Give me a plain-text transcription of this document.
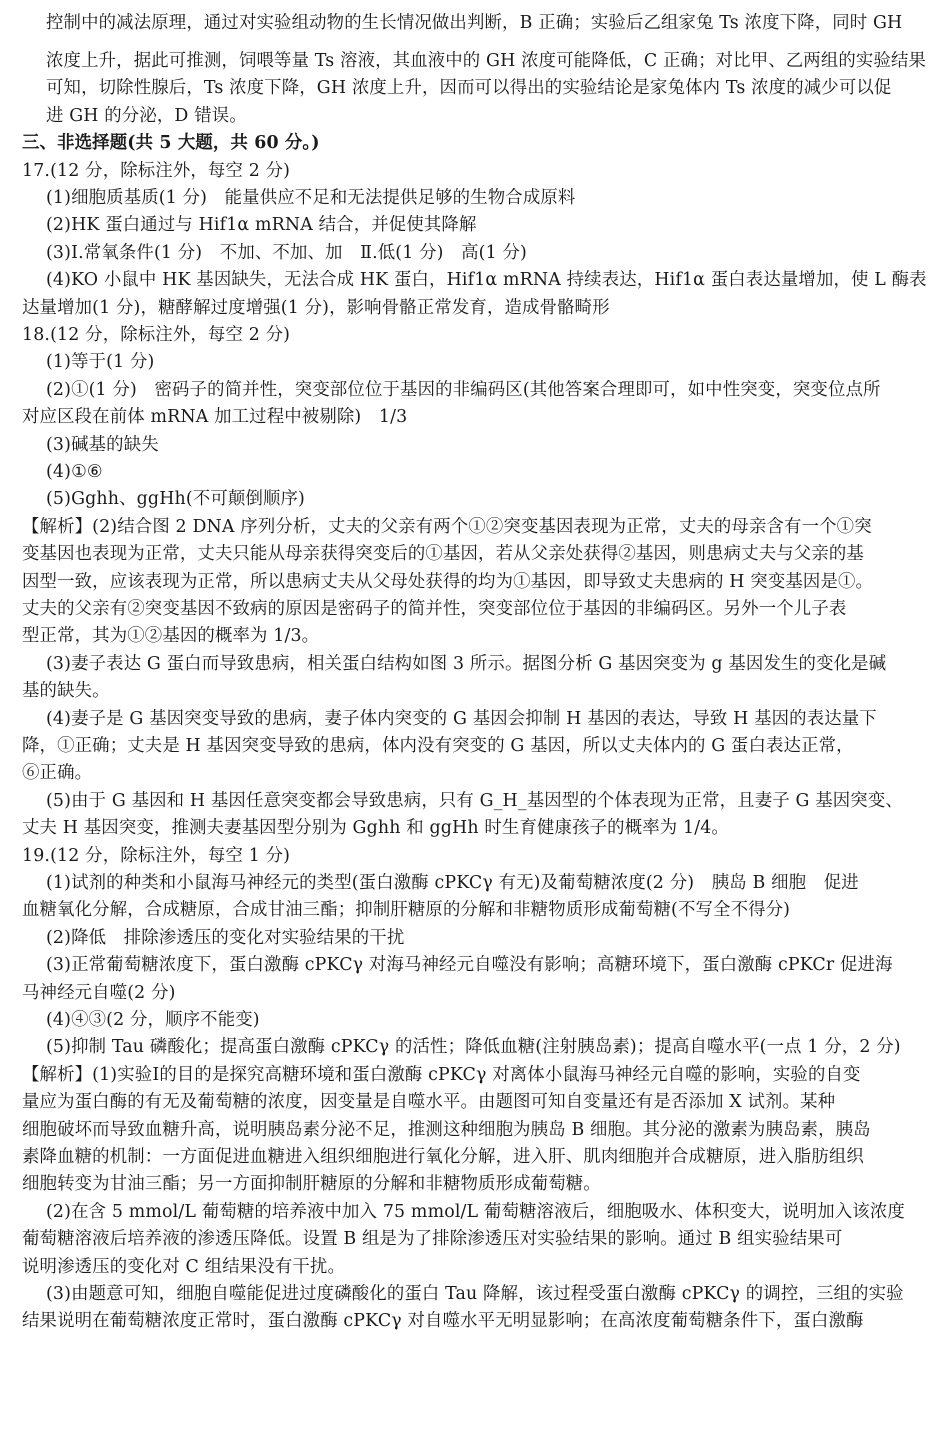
控制中的减法原理，通过对实验组动物的生长情况做出判断，B 正确；实验后乙组家兔 Ts 浓度下降，同时 GH
浓度上升，据此可推测，饲喂等量 Ts 溶液，其血液中的 GH 浓度可能降低，C 正确；对比甲、乙两组的实验结果
可知，切除性腺后，Ts 浓度下降，GH 浓度上升，因而可以得出的实验结论是家兔体内 Ts 浓度的减少可以促
进 GH 的分泌，D 错误。
三、非选择题(共 5 大题，共 60 分。)
17.(12 分，除标注外，每空 2 分)
(1)细胞质基质(1 分)　能量供应不足和无法提供足够的生物合成原料
(2)HK 蛋白通过与 Hif1α mRNA 结合，并促使其降解
(3)Ⅰ.常氧条件(1 分)　不加、不加、加　Ⅱ.低(1 分)　高(1 分)
(4)KO 小鼠中 HK 基因缺失，无法合成 HK 蛋白，Hif1α mRNA 持续表达，Hif1α 蛋白表达量增加，使 L 酶表
达量增加(1 分)，糖酵解过度增强(1 分)，影响骨骼正常发育，造成骨骼畸形
18.(12 分，除标注外，每空 2 分)
(1)等于(1 分)
(2)①(1 分)　密码子的简并性，突变部位位于基因的非编码区(其他答案合理即可，如中性突变，突变位点所
对应区段在前体 mRNA 加工过程中被剔除)　1/3
(3)碱基的缺失
(4)①⑥
(5)Gghh、ggHh(不可颠倒顺序)
【解析】(2)结合图 2 DNA 序列分析，丈夫的父亲有两个①②突变基因表现为正常，丈夫的母亲含有一个①突
变基因也表现为正常，丈夫只能从母亲获得突变后的①基因，若从父亲处获得②基因，则患病丈夫与父亲的基
因型一致，应该表现为正常，所以患病丈夫从父母处获得的均为①基因，即导致丈夫患病的 H 突变基因是①。
丈夫的父亲有②突变基因不致病的原因是密码子的简并性，突变部位位于基因的非编码区。另外一个儿子表
型正常，其为①②基因的概率为 1/3。
(3)妻子表达 G 蛋白而导致患病，相关蛋白结构如图 3 所示。据图分析 G 基因突变为 g 基因发生的变化是碱
基的缺失。
(4)妻子是 G 基因突变导致的患病，妻子体内突变的 G 基因会抑制 H 基因的表达，导致 H 基因的表达量下
降，①正确；丈夫是 H 基因突变导致的患病，体内没有突变的 G 基因，所以丈夫体内的 G 蛋白表达正常，
⑥正确。
(5)由于 G 基因和 H 基因任意突变都会导致患病，只有 G_H_基因型的个体表现为正常，且妻子 G 基因突变、
丈夫 H 基因突变，推测夫妻基因型分别为 Gghh 和 ggHh 时生育健康孩子的概率为 1/4。
19.(12 分，除标注外，每空 1 分)
(1)试剂的种类和小鼠海马神经元的类型(蛋白激酶 cPKCγ 有无)及葡萄糖浓度(2 分)　胰岛 B 细胞　促进
血糖氧化分解，合成糖原，合成甘油三酯；抑制肝糖原的分解和非糖物质形成葡萄糖(不写全不得分)
(2)降低　排除渗透压的变化对实验结果的干扰
(3)正常葡萄糖浓度下，蛋白激酶 cPKCγ 对海马神经元自噬没有影响；高糖环境下，蛋白激酶 cPKCr 促进海
马神经元自噬(2 分)
(4)④③(2 分，顺序不能变)
(5)抑制 Tau 磷酸化；提高蛋白激酶 cPKCγ 的活性；降低血糖(注射胰岛素)；提高自噬水平(一点 1 分，2 分)
【解析】(1)实验Ⅰ的目的是探究高糖环境和蛋白激酶 cPKCγ 对离体小鼠海马神经元自噬的影响，实验的自变
量应为蛋白酶的有无及葡萄糖的浓度，因变量是自噬水平。由题图可知自变量还有是否添加 X 试剂。某种
细胞破坏而导致血糖升高，说明胰岛素分泌不足，推测这种细胞为胰岛 B 细胞。其分泌的激素为胰岛素，胰岛
素降血糖的机制：一方面促进血糖进入组织细胞进行氧化分解，进入肝、肌肉细胞并合成糖原，进入脂肪组织
细胞转变为甘油三酯；另一方面抑制肝糖原的分解和非糖物质形成葡萄糖。
(2)在含 5 mmol/L 葡萄糖的培养液中加入 75 mmol/L 葡萄糖溶液后，细胞吸水、体积变大，说明加入该浓度
葡萄糖溶液后培养液的渗透压降低。设置 B 组是为了排除渗透压对实验结果的影响。通过 B 组实验结果可
说明渗透压的变化对 C 组结果没有干扰。
(3)由题意可知，细胞自噬能促进过度磷酸化的蛋白 Tau 降解，该过程受蛋白激酶 cPKCγ 的调控，三组的实验
结果说明在葡萄糖浓度正常时，蛋白激酶 cPKCγ 对自噬水平无明显影响；在高浓度葡萄糖条件下，蛋白激酶
